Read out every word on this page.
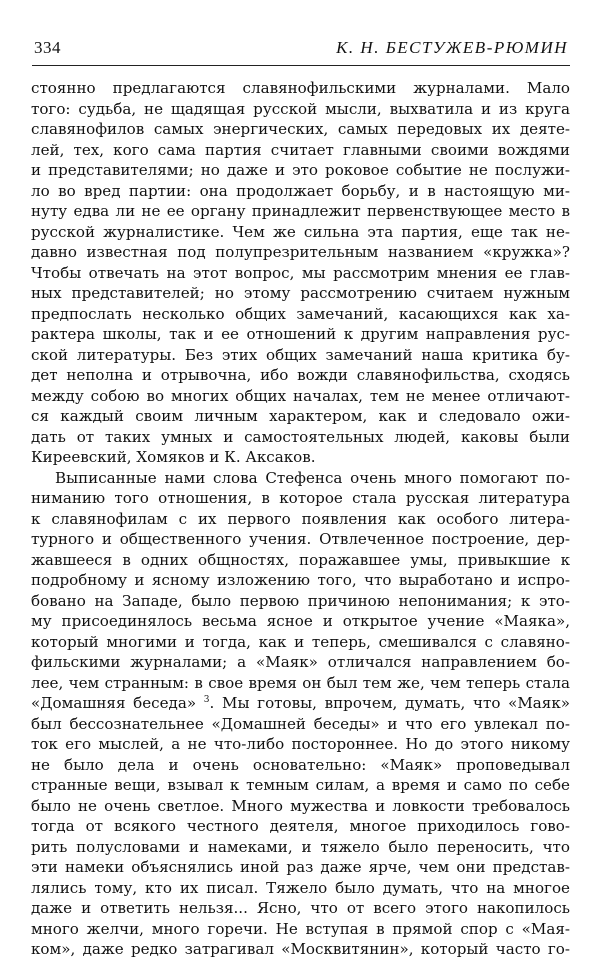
334	К. Н. БЕСТУЖЕВ-РЮМИН
стоянно предлагаются славянофильскими журналами. Мало
того: судьба, не щадящая русской мысли, выхватила и из круга
славянофилов самых энергических, самых передовых их деяте-
лей, тех, кого сама партия считает главными своими вождями
и представителями; но даже и это роковое событие не послужи-
ло во вред партии: она продолжает борьбу, и в настоящую ми-
нуту едва ли не ее органу принадлежит первенствующее место в
русской журналистике. Чем же сильна эта партия, еще так не-
давно известная под полупрезрительным названием «кружка»?
Чтобы отвечать на этот вопрос, мы рассмотрим мнения ее глав-
ных представителей; но этому рассмотрению считаем нужным
предпослать несколько общих замечаний, касающихся как ха-
рактера школы, так и ее отношений к другим направления рус-
ской литературы. Без этих общих замечаний наша критика бу-
дет неполна и отрывочна, ибо вожди славянофильства, сходясь
между собою во многих общих началах, тем не менее отличают-
ся каждый своим личным характером, как и следовало ожи-
дать от таких умных и самостоятельных людей, каковы были
Киреевский, Хомяков и К. Аксаков.
Выписанные нами слова Стефенса очень много помогают по-
ниманию того отношения, в которое стала русская литература
к славянофилам с их первого появления как особого литера-
турного и общественного учения. Отвлеченное построение, дер-
жавшееся в одних общностях, поражавшее умы, привыкшие к
подробному и ясному изложению того, что выработано и испро-
бовано на Западе, было первою причиною непонимания; к это-
му присоединялось весьма ясное и открытое учение «Маяка»,
который многими и тогда, как и теперь, смешивался с славяно-
фильскими журналами; а «Маяк» отличался направлением бо-
лее, чем странным: в свое время он был тем же, чем теперь стала
«Домашняя беседа» $^3$. Мы готовы, впрочем, думать, что «Маяк»
был бессознательнее «Домашней беседы» и что его увлекал по-
ток его мыслей, а не что-либо постороннее. Но до этого никому
не было дела и очень основательно: «Маяк» проповедывал
странные вещи, взывал к темным силам, а время и само по себе
было не очень светлое. Много мужества и ловкости требовалось
тогда от всякого честного деятеля, многое приходилось гово-
рить полусловами и намеками, и тяжело было переносить, что
эти намеки объяснялись иной раз даже ярче, чем они представ-
лялись тому, кто их писал. Тяжело было думать, что на многое
даже и ответить нельзя... Ясно, что от всего этого накопилось
много желчи, много горечи. Не вступая в прямой спор с «Мая-
ком», даже редко затрагивал «Москвитянин», который часто го-
